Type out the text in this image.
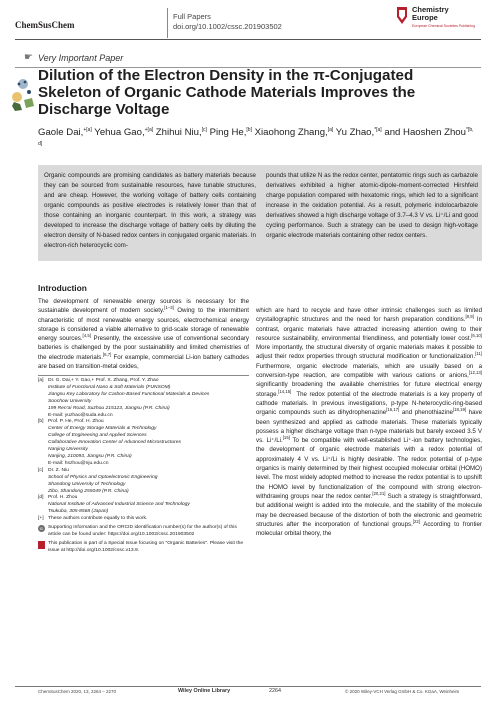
ChemSusChem
Full Papers
doi.org/10.1002/cssc.201903502
Chemistry
Europe
European Chemical Societies Publishing
☛ Very Important Paper
Dilution of the Electron Density in the π-Conjugated Skeleton of Organic Cathode Materials Improves the Discharge Voltage
Gaole Dai,$^{+[a]}$ Yehua Gao,$^{+[a]}$ Zhihui Niu,[c] Ping He,[b] Xiaohong Zhang,[a] Yu Zhao,$^{*[a]}$ and Haoshen Zhou$^{*[b, d]}$
Organic compounds are promising candidates as battery materials because they can be sourced from sustainable resources, have tunable structures, and are cheap. However, the working voltage of battery cells containing organic compounds as positive electrodes is relatively lower than that of those containing an inorganic counterpart. In this work, a strategy was developed to increase the discharge voltage of battery cells by diluting the electron density of N-based redox centers in conjugated organic materials. In electron-rich heterocyclic com-
pounds that utilize N as the redox center, pentatomic rings such as carbazole derivatives exhibited a higher atomic-dipole-moment-corrected Hirshfeld charge population compared with hexatomic rings, which led to a significant increase in the oxidation potential. As a result, polymeric indolocarbazole derivatives showed a high discharge voltage of 3.7–4.3 V vs. Li⁺/Li and good cycling performance. Such a strategy can be used to design high-voltage organic electrode materials containing other redox centers.
Introduction
The development of renewable energy sources is necessary for the sustainable development of modern society.[1–3] Owing to the intermittent characteristic of most renewable energy sources, electrochemical energy storage is considered a viable alternative to grid-scale storage of renewable energy sources.[4,5] Presently, the excessive use of conventional secondary batteries is challenged by the poor sustainability and limited chemistries of the electrode materials.[6,7] For example, commercial Li-ion battery cathodes are based on transition-metal oxides,
which are hard to recycle and have other intrinsic challenges such as limited crystallographic structures and the need for harsh preparation conditions.[8,9] In contrast, organic materials have attracted increasing attention owing to their resource sustainability, environmental friendliness, and potentially lower cost.[6,10] More importantly, the structural diversity of organic materials makes it possible to adjust their redox properties through structural modification or functionalization.[11] Furthermore, organic electrode materials, which are usually based on a conversion-type reaction, are compatible with various cations or anions,[12,13] significantly broadening the available chemistries for future electrical energy storage.[14,15]  The redox potential of the electrode materials is a key property of cathode materials. In previous investigations, p-type N-heterocyclic-ring-based organic compounds such as dihydrophenazine[16,17] and phenothiazine[18,19] have been synthesized and applied as cathode materials. These materials typically possess a higher discharge voltage than n-type materials but barely exceed 3.5 V vs. Li⁺/Li.[15] To be compatible with well-established Li⁺-ion battery technologies, the development of organic electrode materials with a redox potential of approximately 4 V vs. Li⁺/Li is highly desirable. The redox potential of p-type organics is mainly determined by their highest occupied molecular orbital (HOMO) level. The most widely adopted method to increase the redox potential is to upshift the HOMO level by functionalization of the compound with strong electron-withdrawing groups near the redox center.[20,21] Such a strategy is straightforward, but additional weight is added into the molecule, and the stability of the molecule may be decreased because of the distortion of both the electronic and geometric structures after the incorporation of functional groups.[22] According to frontier molecular orbital theory, the
[a] Dr. G. Dai,+ Y. Gao,+ Prof. X. Zhang, Prof. Y. Zhao
Institute of Functional Nano & Soft Materials (FUNSOM)
Jiangsu Key Laboratory for Carbon-Based Functional Materials & Devices
Soochow University
199 Ren'ai Road, Suzhou 215123, Jiangsu (P.R. China)
E-mail: yuzhao@suda.edu.cn
[b] Prof. P. He, Prof. H. Zhou
Center of Energy Storage Materials & Technology
College of Engineering and Applied Sciences
Collaborative Innovation Center of Advanced Microstructures
Nanjing University
Nanjing, 210093, Jiangsu (P.R. China)
E-mail: hszhou@nju.edu.cn
[c] Dr. Z. Niu
School of Physics and Optoelectronic Engineering
Shandong University of Technology
Zibo, Shandong 255049 (P.R. China)
[d] Prof. H. Zhou
National Institute of Advanced Industrial Science and Technology
Tsukuba, 305-8568 (Japan)
[+] These authors contribute equally to this work.
iD Supporting Information and the ORCID identification number(s) for the author(s) of this article can be found under: https://doi.org/10.1002/cssc.201903502
This publication is part of a Special Issue focusing on "Organic Batteries". Please visit the issue at http://doi.org/10.1002/cssc.v13.9.
ChemSusChem 2020, 13, 2264 – 2270	Wiley Online Library	2264	© 2020 Wiley-VCH Verlag GmbH & Co. KGaA, Weinheim
